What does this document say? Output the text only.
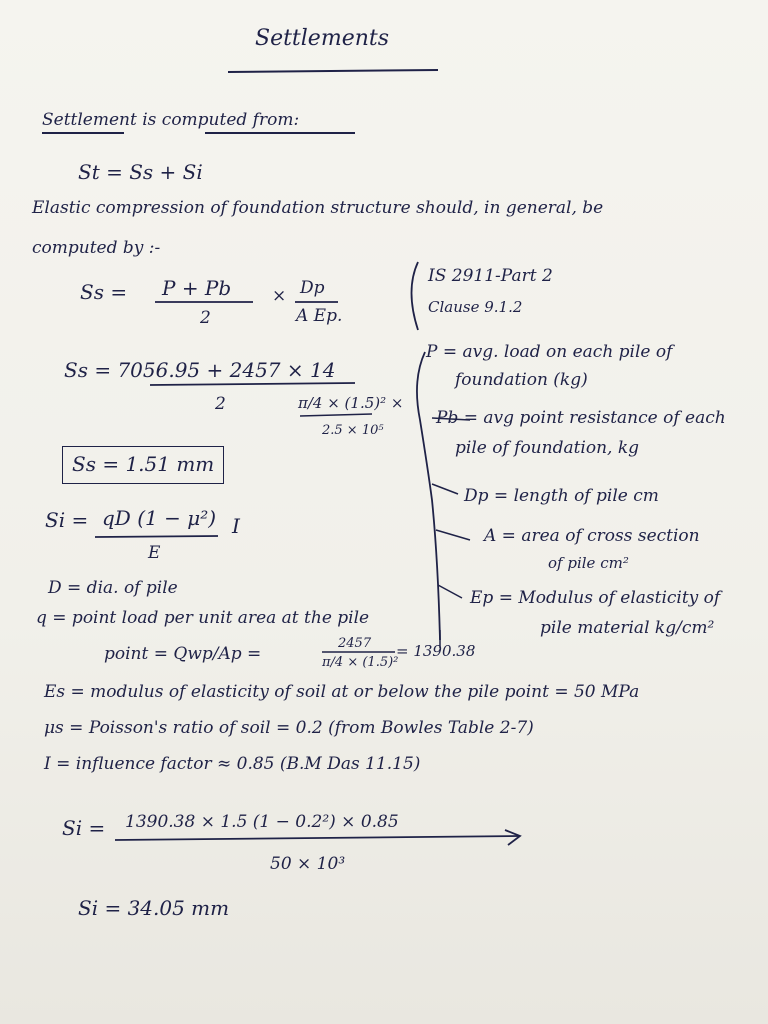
Settlements
Settlement is computed from:
St = Ss + Si
Elastic compression of foundation structure should, in general, be
computed by :-
Ss = P + Pb
2
× Dp
A Ep.
IS 2911-Part 2
Clause 9.1.2
Ss = 7056.95 + 2457 × 14
2	π/4 × (1.5)² ×
2.5 × 10⁵
Ss = 1.51 mm
P = avg. load on each pile of
foundation (kg)
Pb = avg point resistance of each
pile of foundation, kg
Dp = length of pile cm
A = area of cross section
of pile cm²
Ep = Modulus of elasticity of
pile material kg/cm²
Si = qD (1 − μ²) I
E
D = dia. of pile
q = point load per unit area at the pile
point = Qwp/Ap =
2457
π/4 × (1.5)²
= 1390.38
Es = modulus of elasticity of soil at or below the pile point = 50 MPa
μs = Poisson's ratio of soil = 0.2 (from Bowles Table 2-7)
I = influence factor ≈ 0.85 (B.M Das 11.15)
Si = 1390.38 × 1.5 (1 − 0.2²) × 0.85
50 × 10³
Si = 34.05 mm
